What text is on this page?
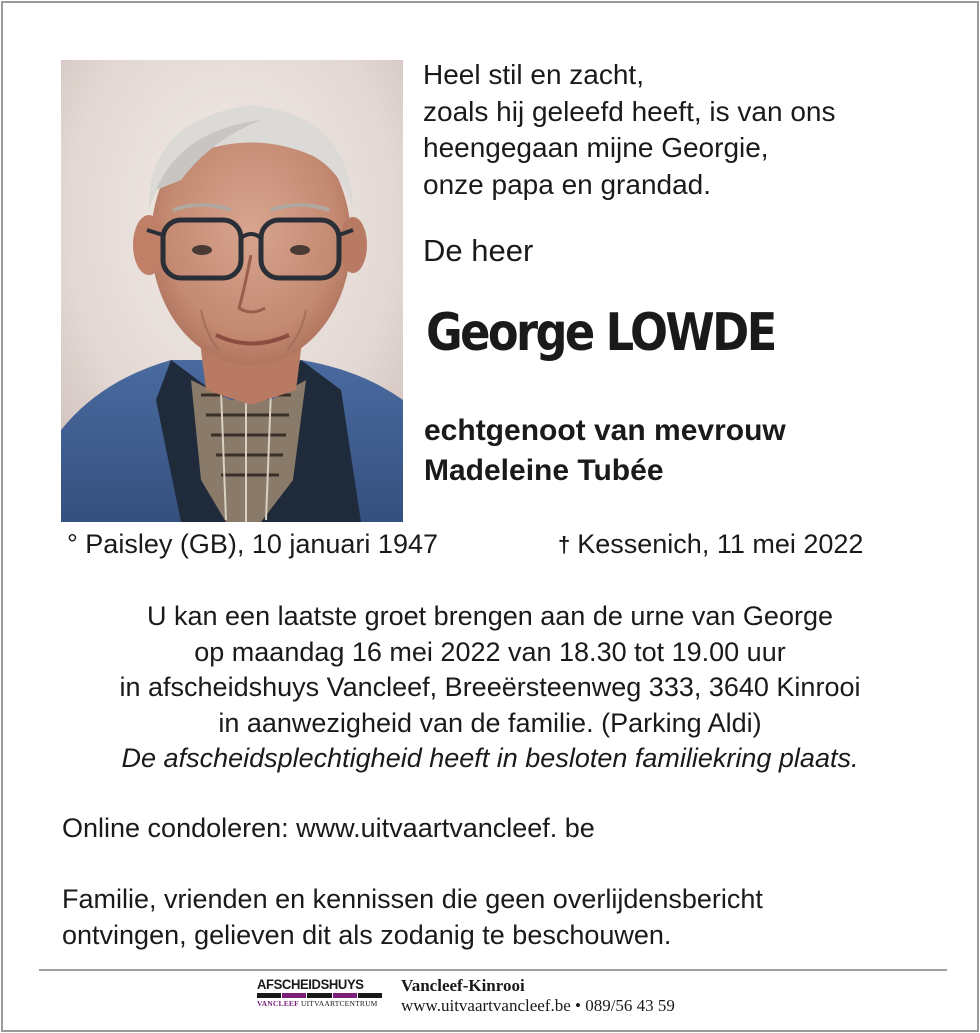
Heel stil en zacht,
zoals hij geleefd heeft, is van ons
heengegaan mijne Georgie,
onze papa en grandad.
De heer
George LOWDE
echtgenoot van mevrouw
Madeleine Tubée
° Paisley (GB), 10 januari 1947	† Kessenich, 11 mei 2022
U kan een laatste groet brengen aan de urne van George
op maandag 16 mei 2022 van 18.30 tot 19.00 uur
in afscheidshuys Vancleef, Breeërsteenweg 333, 3640 Kinrooi
in aanwezigheid van de familie. (Parking Aldi)
De afscheidsplechtigheid heeft in besloten familiekring plaats.
Online condoleren: www.uitvaartvancleef. be
Familie, vrienden en kennissen die geen overlijdensbericht
ontvingen, gelieven dit als zodanig te beschouwen.
AFSCHEIDSHUYS
VANCLEEF UITVAARTCENTRUM
Vancleef-Kinrooi
www.uitvaartvancleef.be • 089/56 43 59
